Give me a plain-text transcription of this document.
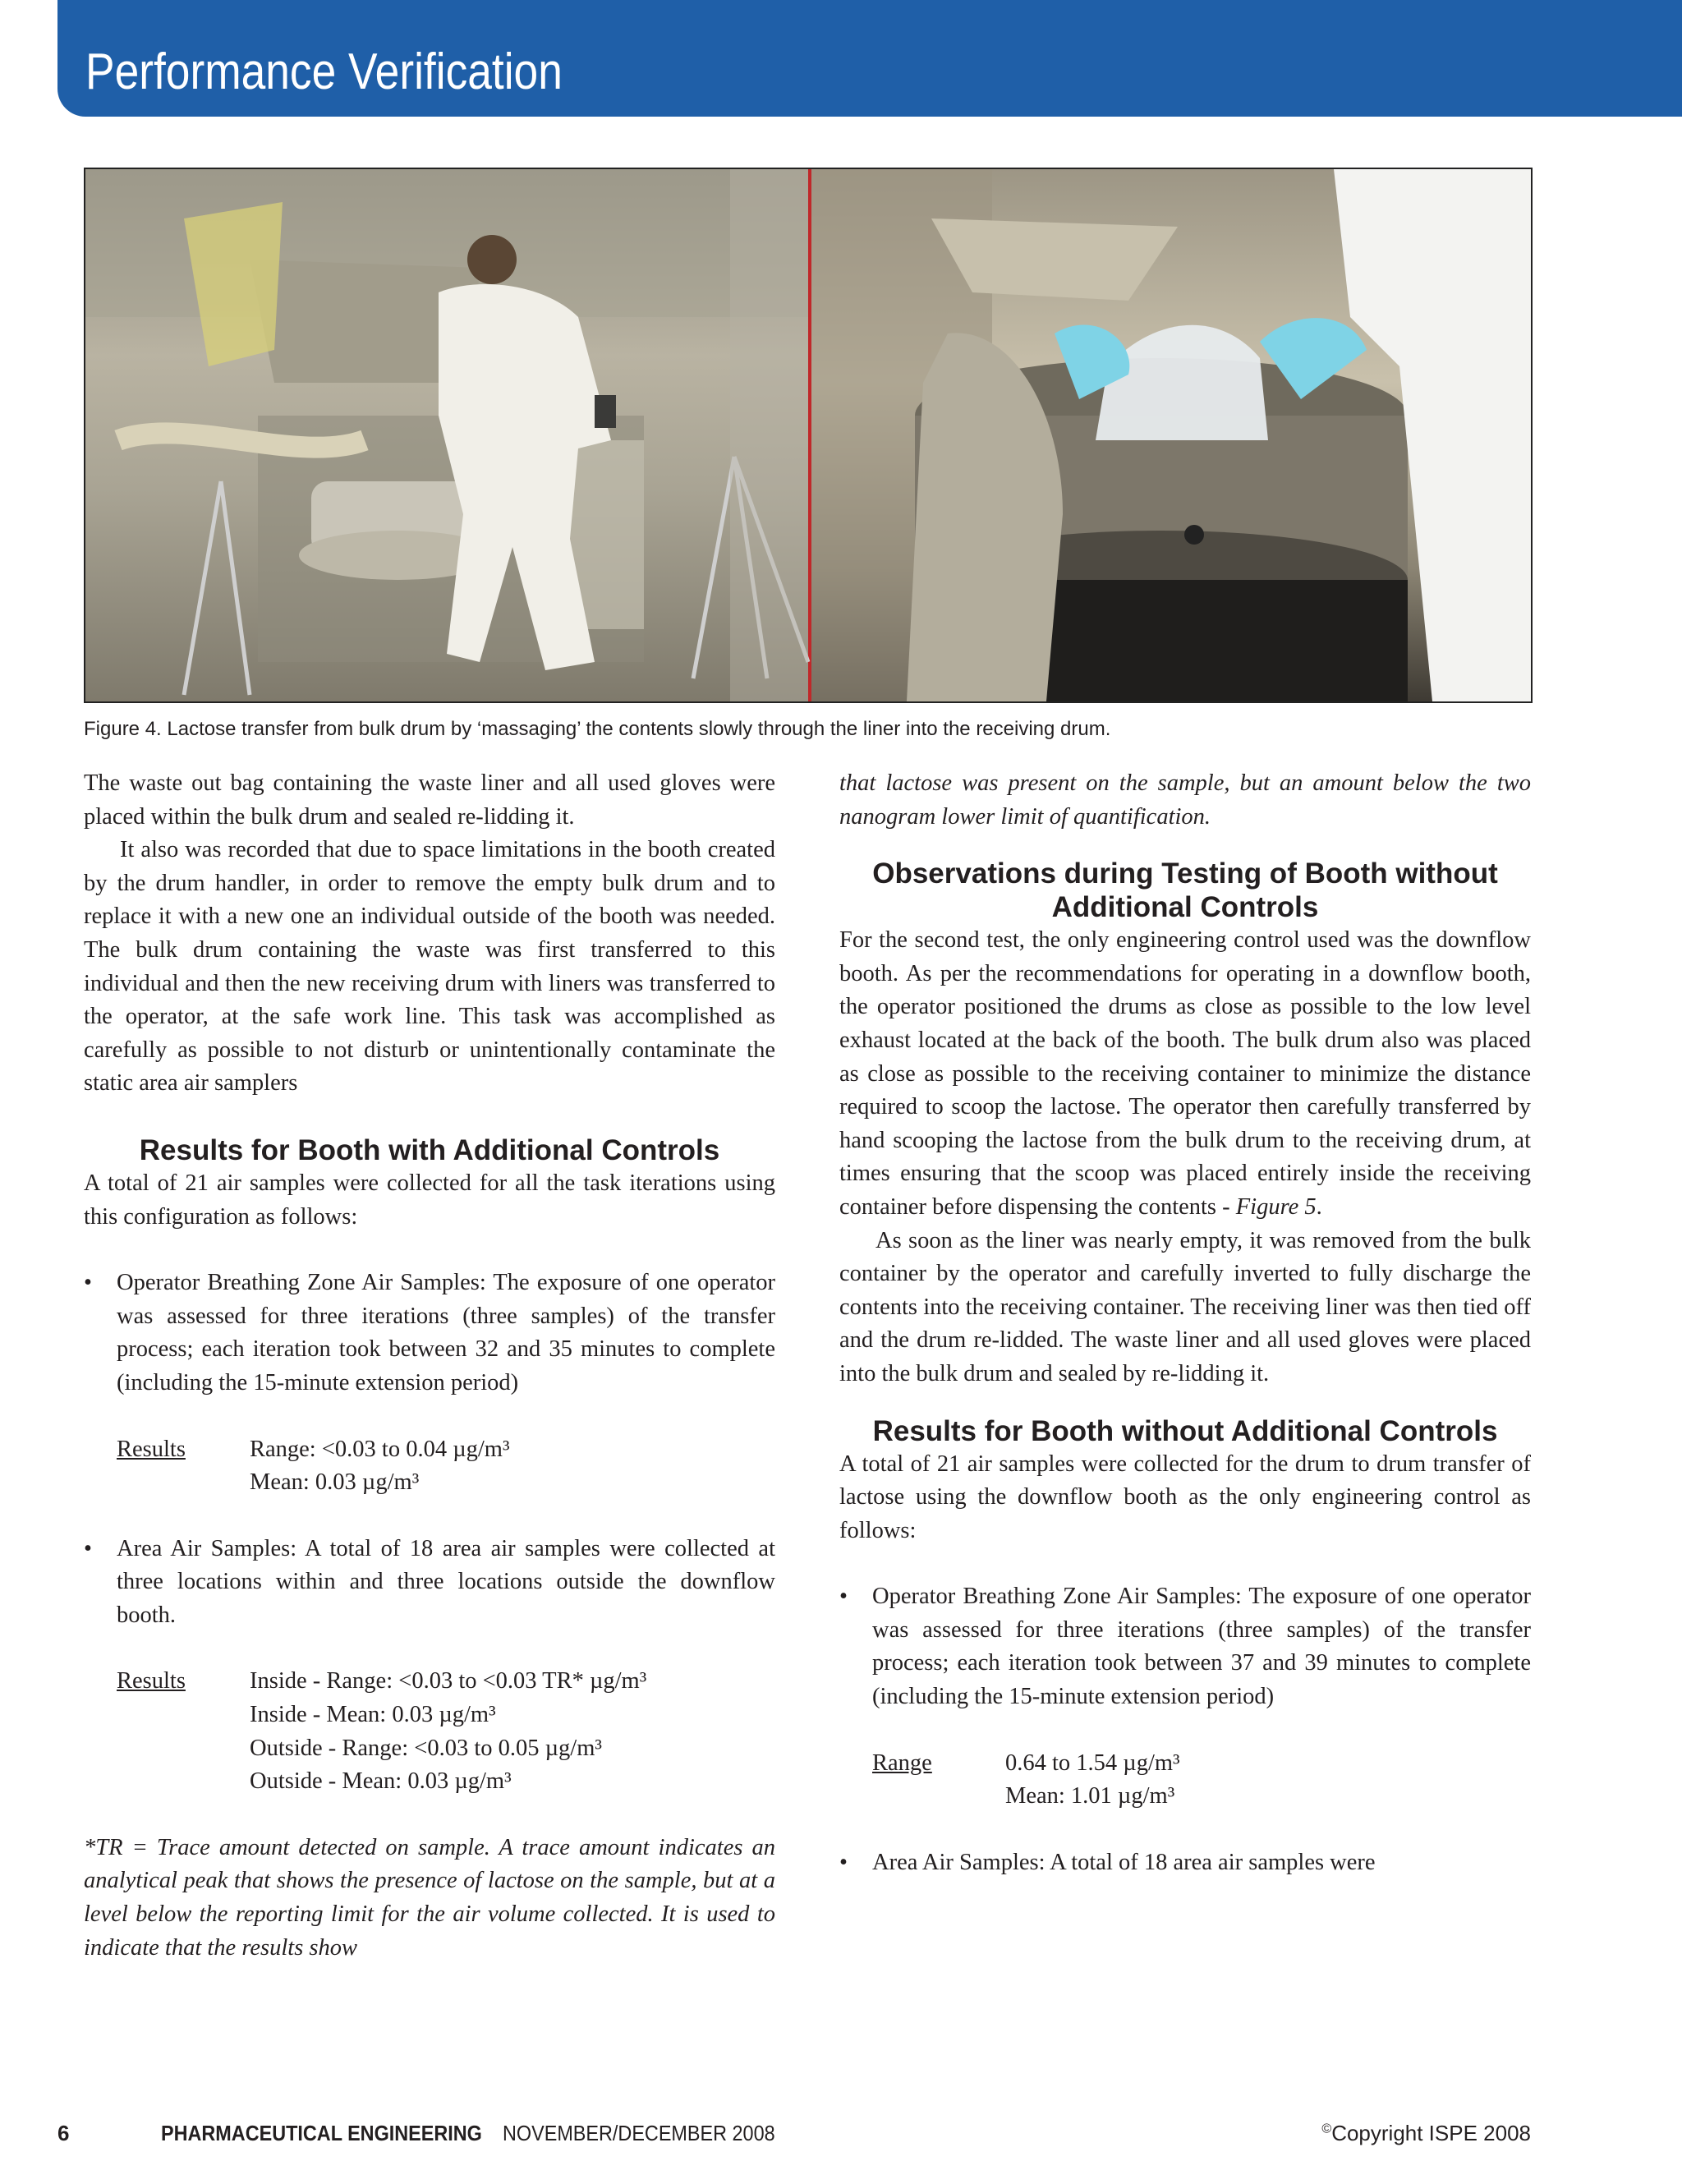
Performance Verification
Figure 4. Lactose transfer from bulk drum by ‘massaging’ the contents slowly through the liner into the receiving drum.

The waste out bag containing the waste liner and all used gloves were placed within the bulk drum and sealed re-lidding it.

It also was recorded that due to space limitations in the booth created by the drum handler, in order to remove the empty bulk drum and to replace it with a new one an individual outside of the booth was needed. The bulk drum containing the waste was first transferred to this individual and then the new receiving drum with liners was transferred to the operator, at the safe work line. This task was accomplished as carefully as possible to not disturb or unintentionally contaminate the static area air samplers

Results for Booth with Additional Controls

A total of 21 air samples were collected for all the task iterations using this configuration as follows:

• Operator Breathing Zone Air Samples: The exposure of one operator was assessed for three iterations (three samples) of the transfer process; each iteration took between 32 and 35 minutes to complete (including the 15-minute extension period)

Results	Range: <0.03 to 0.04 µg/m³
Mean: 0.03 µg/m³

• Area Air Samples: A total of 18 area air samples were collected at three locations within and three locations outside the downflow booth.

Results	Inside - Range: <0.03 to <0.03 TR* µg/m³
Inside - Mean: 0.03 µg/m³
Outside - Range: <0.03 to 0.05 µg/m³
Outside - Mean: 0.03 µg/m³

*TR = Trace amount detected on sample. A trace amount indicates an analytical peak that shows the presence of lactose on the sample, but at a level below the reporting limit for the air volume collected. It is used to indicate that the results show

that lactose was present on the sample, but an amount below the two nanogram lower limit of quantification.

Observations during Testing of Booth without Additional Controls

For the second test, the only engineering control used was the downflow booth. As per the recommendations for operating in a downflow booth, the operator positioned the drums as close as possible to the low level exhaust located at the back of the booth. The bulk drum also was placed as close as possible to the receiving container to minimize the distance required to scoop the lactose. The operator then carefully transferred by hand scooping the lactose from the bulk drum to the receiving drum, at times ensuring that the scoop was placed entirely inside the receiving container before dispensing the contents - Figure 5.

As soon as the liner was nearly empty, it was removed from the bulk container by the operator and carefully inverted to fully discharge the contents into the receiving container. The receiving liner was then tied off and the drum re-lidded. The waste liner and all used gloves were placed into the bulk drum and sealed by re-lidding it.

Results for Booth without Additional Controls

A total of 21 air samples were collected for the drum to drum transfer of lactose using the downflow booth as the only engineering control as follows:

• Operator Breathing Zone Air Samples: The exposure of one operator was assessed for three iterations (three samples) of the transfer process; each iteration took between 37 and 39 minutes to complete (including the 15-minute extension period)

Range	0.64 to 1.54 µg/m³
Mean: 1.01 µg/m³

• Area Air Samples: A total of 18 area air samples were

6	PHARMACEUTICAL ENGINEERING NOVEMBER/DECEMBER 2008	©Copyright ISPE 2008
